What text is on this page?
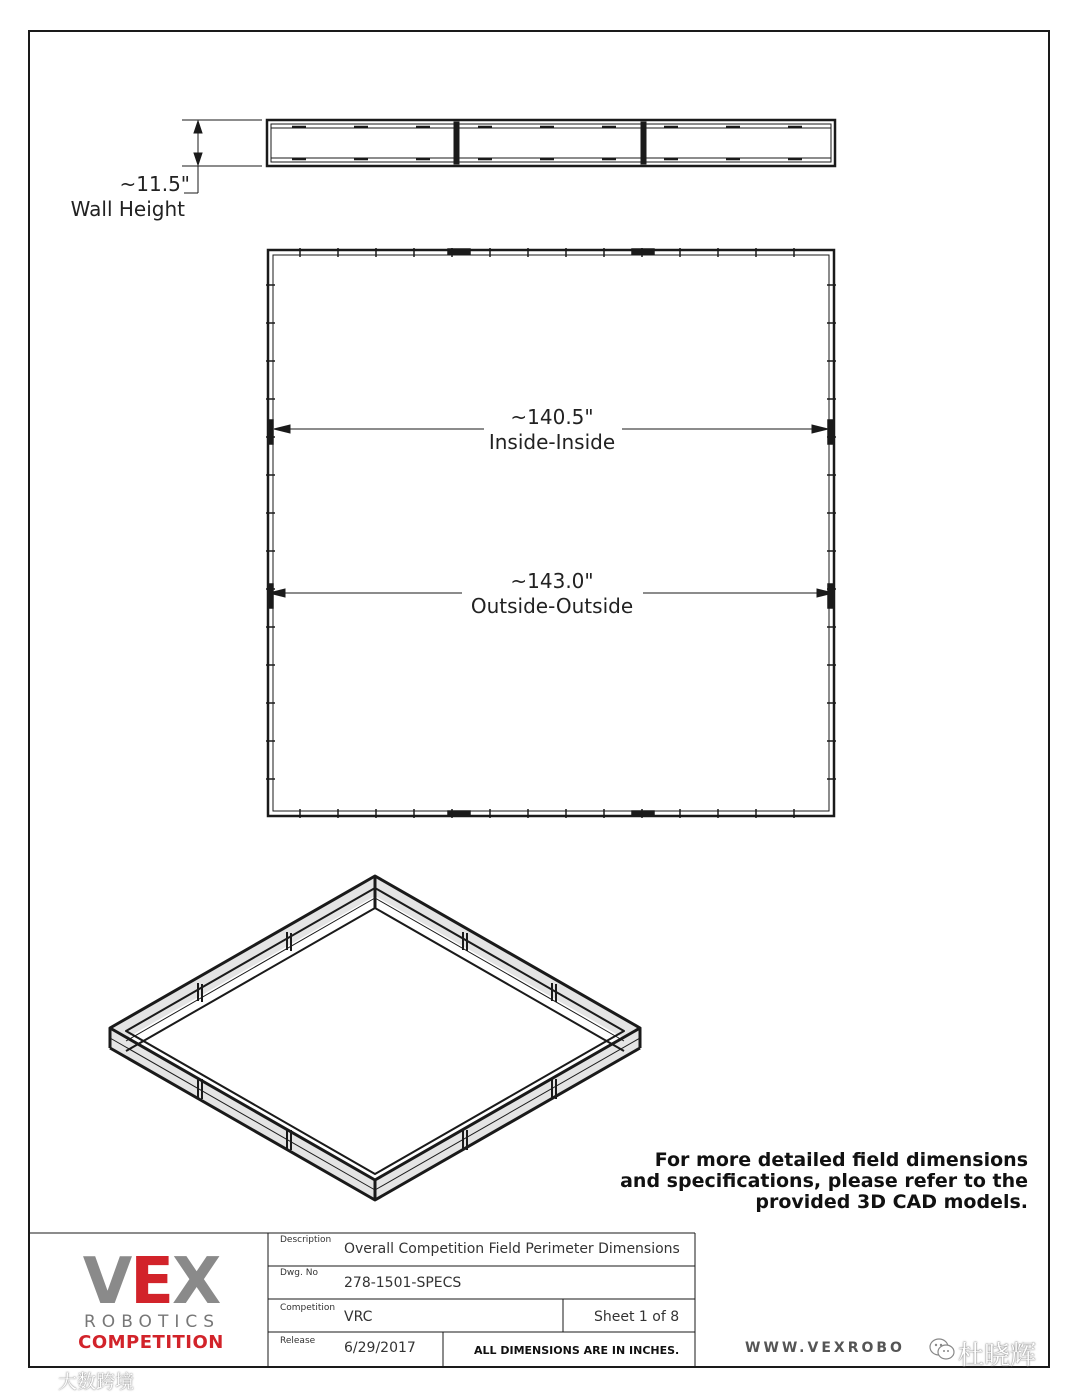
~11.5"
Wall Height
~140.5"
Inside-Inside
~143.0"
Outside-Outside
For more detailed field dimensions
and specifications, please refer to the
provided 3D CAD models.
VEX
ROBOTICS
COMPETITION
Description
Overall Competition Field Perimeter Dimensions
Dwg. No
278-1501-SPECS
Competition
VRC	Sheet 1 of 8
Release 6/29/2017	ALL DIMENSIONS ARE IN INCHES.	WWW.VEXROBO
大数跨境
杜晓辉
